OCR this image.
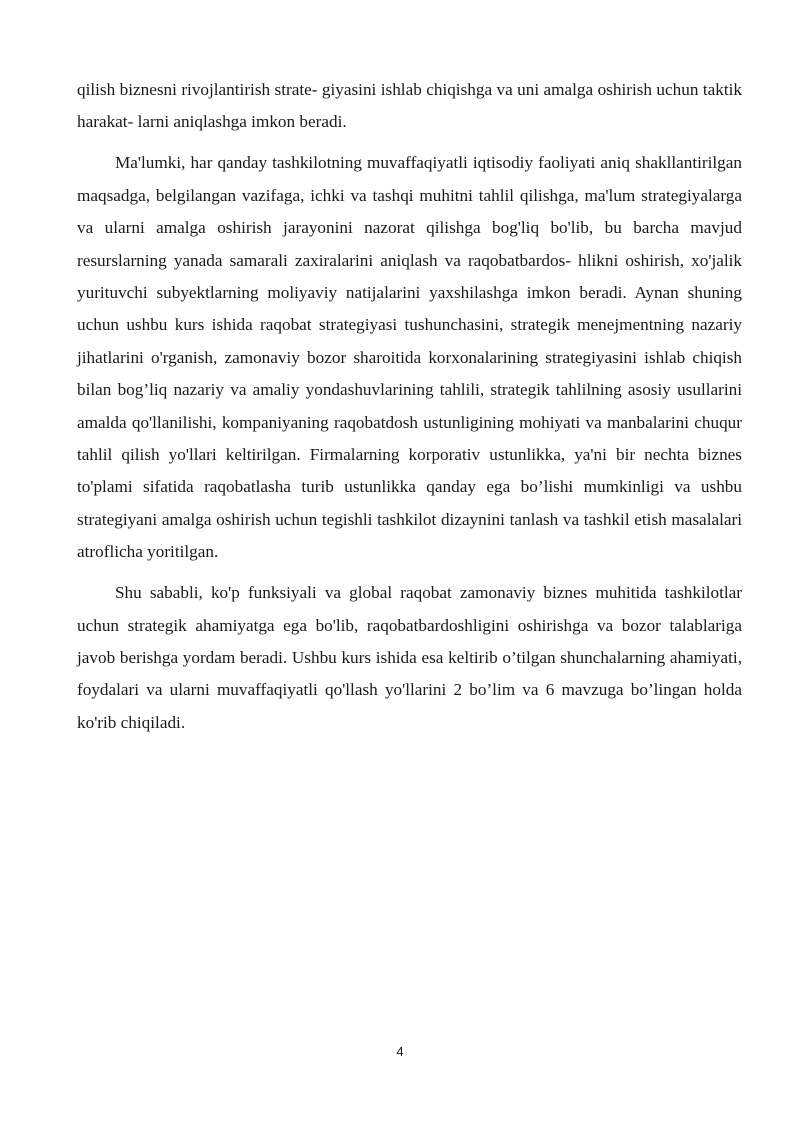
qilish biznesni rivojlantirish strate- giyasini ishlab chiqishga va uni amalga oshirish uchun taktik harakat- larni aniqlashga imkon beradi.

Ma'lumki, har qanday tashkilotning muvaffaqiyatli iqtisodiy faoliyati aniq shakllantirilgan maqsadga, belgilangan vazifaga, ichki va tashqi muhitni tahlil qilishga, ma'lum strategiyalarga va ularni amalga oshirish jarayonini nazorat qilishga bog'liq bo'lib, bu barcha mavjud resurslarning yanada samarali zaxiralarini aniqlash va raqobatbardos- hlikni oshirish, xo'jalik yurituvchi subyektlarning moliyaviy natijalarini yaxshilashga imkon beradi. Aynan shuning uchun ushbu kurs ishida raqobat strategiyasi tushunchasini, strategik menejmentning nazariy jihatlarini o'rganish, zamonaviy bozor sharoitida korxonalarining strategiyasini ishlab chiqish bilan bog’liq nazariy va amaliy yondashuvlarining tahlili, strategik tahlilning asosiy usullarini amalda qo'llanilishi, kompaniyaning raqobatdosh ustunligining mohiyati va manbalarini chuqur tahlil qilish yo'llari keltirilgan. Firmalarning korporativ ustunlikka, ya'ni bir nechta biznes to'plami sifatida raqobatlasha turib ustunlikka qanday ega bo’lishi mumkinligi va ushbu strategiyani amalga oshirish uchun tegishli tashkilot dizaynini tanlash va tashkil etish masalalari atroflicha yoritilgan.

Shu sababli, ko'p funksiyali va global raqobat zamonaviy biznes muhitida tashkilotlar uchun strategik ahamiyatga ega bo'lib, raqobatbardoshligini oshirishga va bozor talablariga javob berishga yordam beradi. Ushbu kurs ishida esa keltirib o’tilgan shunchalarning ahamiyati, foydalari va ularni muvaffaqiyatli qo'llash yo'llarini 2 bo’lim va 6 mavzuga bo’lingan holda ko'rib chiqiladi.

4
